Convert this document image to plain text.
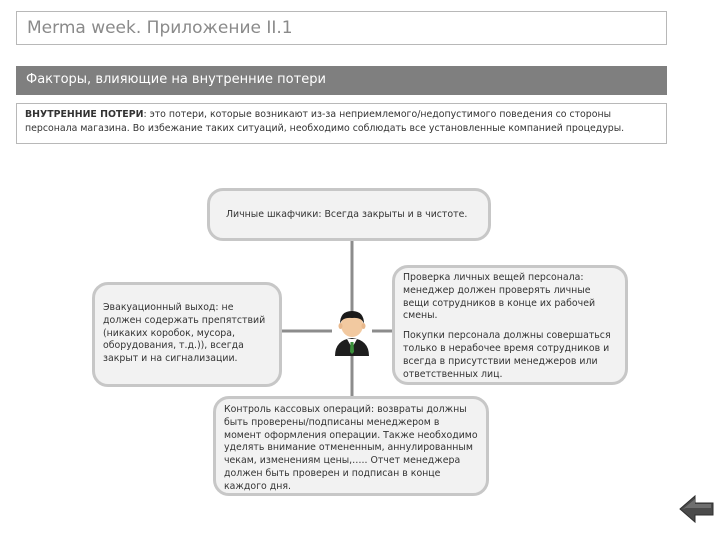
Merma week. Приложение II.1
Факторы, влияющие на внутренние потери
ВНУТРЕННИЕ ПОТЕРИ: это потери, которые возникают из-за неприемлемого/недопустимого поведения со стороны персонала магазина. Во избежание таких ситуаций, необходимо соблюдать все установленные компанией процедуры.
Личные шкафчики: Всегда закрыты и в чистоте.
Эвакуационный выход: не должен содержать препятствий (никаких коробок, мусора, оборудования, т.д.)), всегда закрыт и на сигнализации.

Проверка личных вещей персонала: менеджер должен проверять личные вещи сотрудников в конце их рабочей смены.

Покупки персонала должны совершаться только в нерабочее время сотрудников и всегда в присутствии менеджеров или ответственных лиц.

Контроль кассовых операций: возвраты должны быть проверены/подписаны менеджером в момент оформления операции. Также необходимо уделять внимание отмененным, аннулированным чекам, изменениям цены,….. Отчет менеджера должен быть проверен и подписан в конце каждого дня.
